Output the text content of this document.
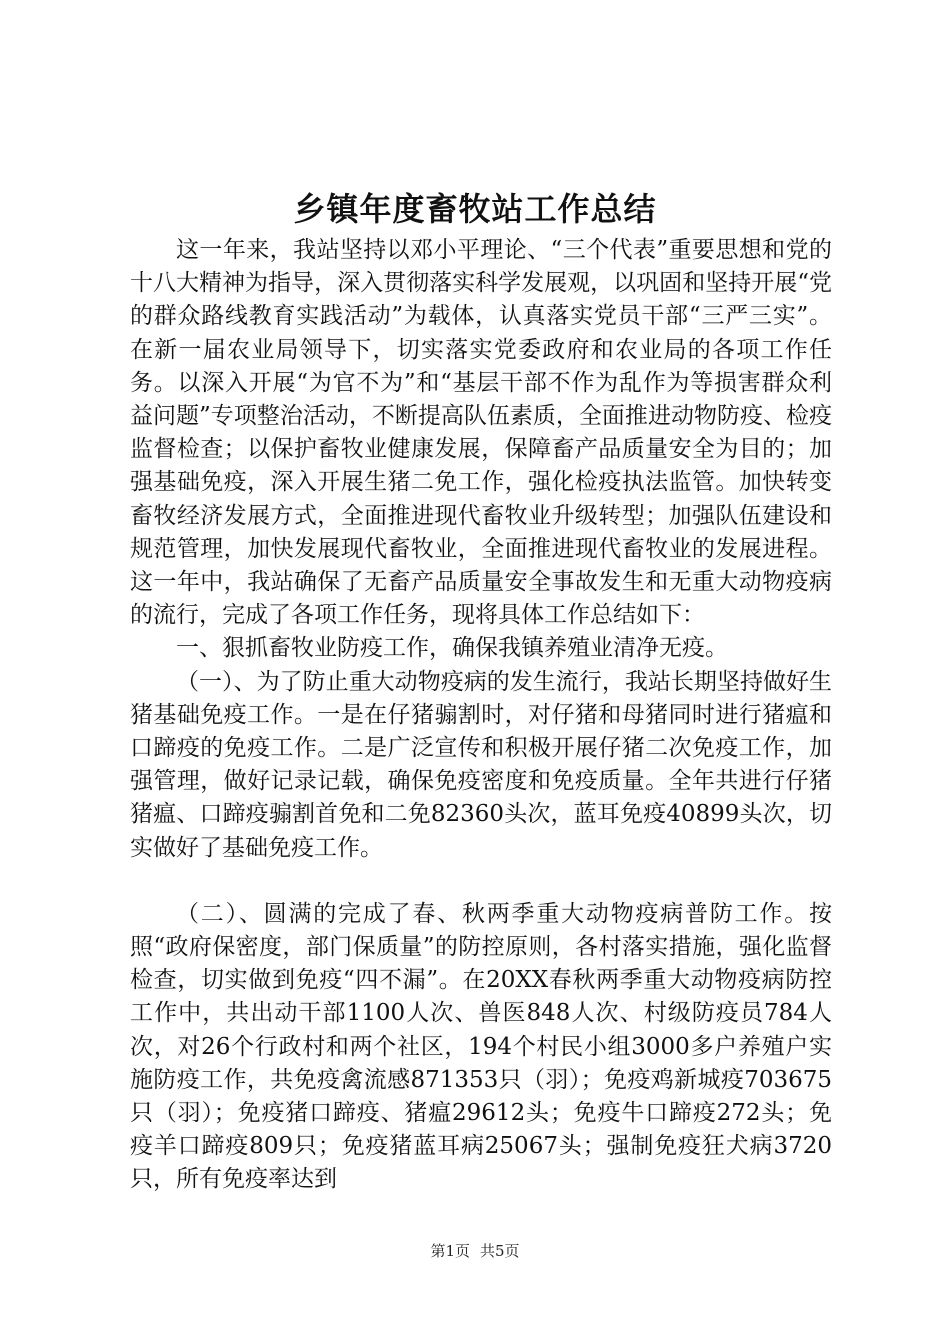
乡镇年度畜牧站工作总结

这一年来，我站坚持以邓小平理论、“三个代表”重要思想和党的十八大精神为指导，深入贯彻落实科学发展观，以巩固和坚持开展“党的群众路线教育实践活动”为载体，认真落实党员干部“三严三实”。在新一届农业局领导下，切实落实党委政府和农业局的各项工作任务。以深入开展“为官不为”和“基层干部不作为乱作为等损害群众利益问题”专项整治活动，不断提高队伍素质，全面推进动物防疫、检疫监督检查；以保护畜牧业健康发展，保障畜产品质量安全为目的；加强基础免疫，深入开展生猪二免工作，强化检疫执法监管。加快转变畜牧经济发展方式，全面推进现代畜牧业升级转型；加强队伍建设和规范管理，加快发展现代畜牧业，全面推进现代畜牧业的发展进程。这一年中，我站确保了无畜产品质量安全事故发生和无重大动物疫病的流行，完成了各项工作任务，现将具体工作总结如下：

一、狠抓畜牧业防疫工作，确保我镇养殖业清净无疫。

（一）、为了防止重大动物疫病的发生流行，我站长期坚持做好生猪基础免疫工作。一是在仔猪骟割时，对仔猪和母猪同时进行猪瘟和口蹄疫的免疫工作。二是广泛宣传和积极开展仔猪二次免疫工作，加强管理，做好记录记载，确保免疫密度和免疫质量。全年共进行仔猪猪瘟、口蹄疫骟割首免和二免82360头次，蓝耳免疫40899头次，切实做好了基础免疫工作。

（二）、圆满的完成了春、秋两季重大动物疫病普防工作。按照“政府保密度，部门保质量”的防控原则，各村落实措施，强化监督检查，切实做到免疫“四不漏”。在20XX春秋两季重大动物疫病防控工作中，共出动干部1100人次、兽医848人次、村级防疫员784人次，对26个行政村和两个社区，194个村民小组3000多户养殖户实施防疫工作，共免疫禽流感871353只（羽）；免疫鸡新城疫703675只（羽）；免疫猪口蹄疫、猪瘟29612头；免疫牛口蹄疫272头；免疫羊口蹄疫809只；免疫猪蓝耳病25067头；强制免疫狂犬病3720只，所有免疫率达到

第1页 共5页
